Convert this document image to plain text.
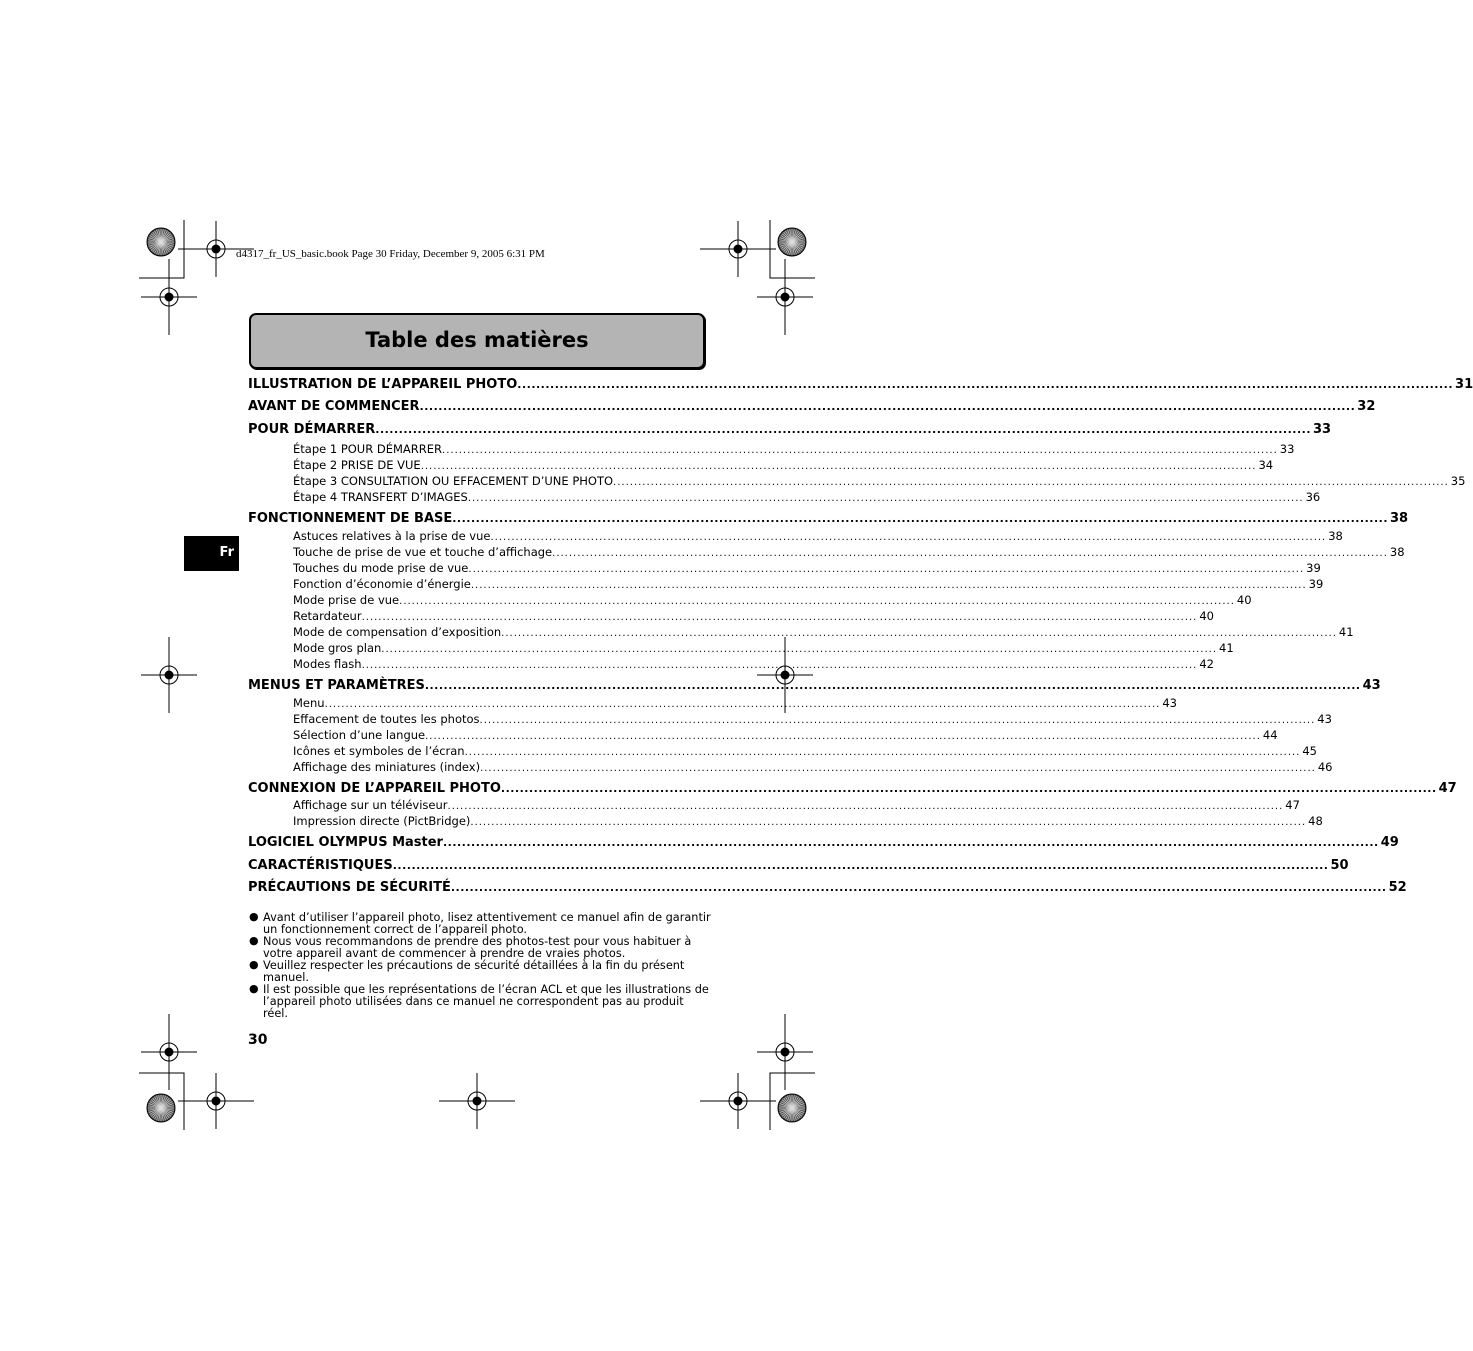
d4317_fr_US_basic.book Page 30 Friday, December 9, 2005 6:31 PM
Table des matières
Fr
ILLUSTRATION DE L’APPAREIL PHOTO ........................................................................................................................................................................................................ 31
AVANT DE COMMENCER ........................................................................................................................................................................................................ 32
POUR DÉMARRER ........................................................................................................................................................................................................ 33
Étape 1 POUR DÉMARRER ........................................................................................................................................................................................................ 33
Étape 2 PRISE DE VUE ........................................................................................................................................................................................................ 34
Étape 3 CONSULTATION OU EFFACEMENT D’UNE PHOTO ........................................................................................................................................................................................................ 35
Étape 4 TRANSFERT D’IMAGES ........................................................................................................................................................................................................ 36
FONCTIONNEMENT DE BASE ........................................................................................................................................................................................................ 38
Astuces relatives à la prise de vue ........................................................................................................................................................................................................ 38
Touche de prise de vue et touche d’affichage ........................................................................................................................................................................................................ 38
Touches du mode prise de vue ........................................................................................................................................................................................................ 39
Fonction d’économie d’énergie ........................................................................................................................................................................................................ 39
Mode prise de vue ........................................................................................................................................................................................................ 40
Retardateur ........................................................................................................................................................................................................ 40
Mode de compensation d’exposition ........................................................................................................................................................................................................ 41
Mode gros plan ........................................................................................................................................................................................................ 41
Modes flash ........................................................................................................................................................................................................ 42
MENUS ET PARAMÈTRES ........................................................................................................................................................................................................ 43
Menu ........................................................................................................................................................................................................ 43
Effacement de toutes les photos ........................................................................................................................................................................................................ 43
Sélection d’une langue ........................................................................................................................................................................................................ 44
Icônes et symboles de l’écran ........................................................................................................................................................................................................ 45
Affichage des miniatures (index) ........................................................................................................................................................................................................ 46
CONNEXION DE L’APPAREIL PHOTO ........................................................................................................................................................................................................ 47
Affichage sur un téléviseur ........................................................................................................................................................................................................ 47
Impression directe (PictBridge) ........................................................................................................................................................................................................ 48
LOGICIEL OLYMPUS Master ........................................................................................................................................................................................................ 49
CARACTÉRISTIQUES ........................................................................................................................................................................................................ 50
PRÉCAUTIONS DE SÉCURITÉ ........................................................................................................................................................................................................ 52

● Avant d’utiliser l’appareil photo, lisez attentivement ce manuel afin de garantir un fonctionnement correct de l’appareil photo.

● Nous vous recommandons de prendre des photos-test pour vous habituer à votre appareil avant de commencer à prendre de vraies photos.

● Veuillez respecter les précautions de sécurité détaillées à la fin du présent manuel.

● Il est possible que les représentations de l’écran ACL et que les illustrations de l’appareil photo utilisées dans ce manuel ne correspondent pas au produit réel.

30
